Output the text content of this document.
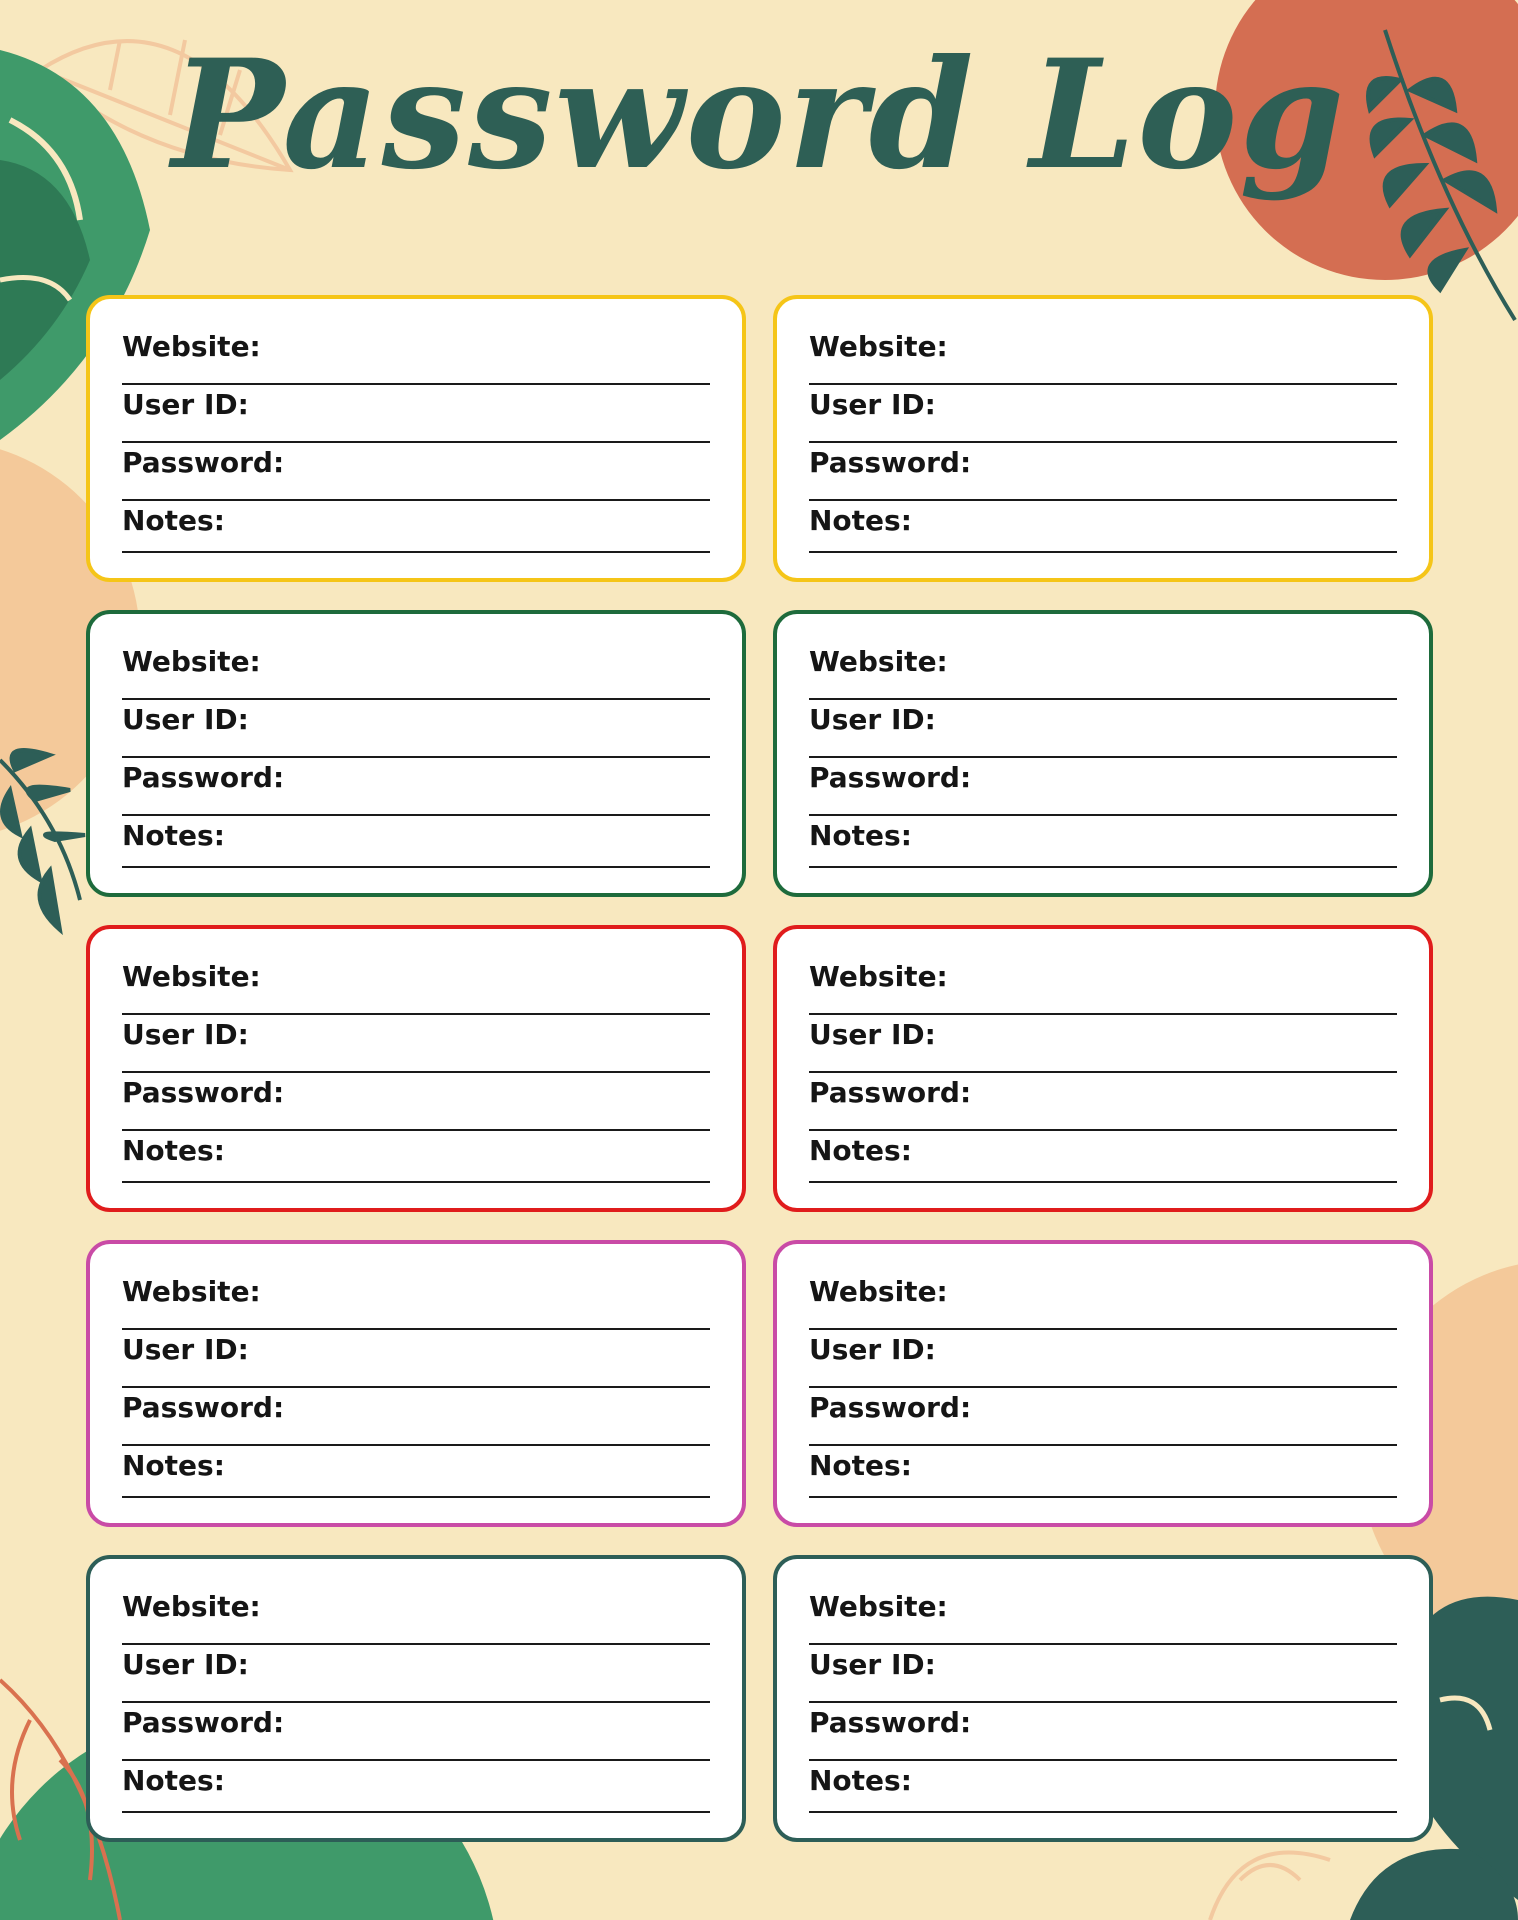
Password Log
Website:
User ID:
Password:
Notes:
Website:
User ID:
Password:
Notes:
Website:
User ID:
Password:
Notes:
Website:
User ID:
Password:
Notes:
Website:
User ID:
Password:
Notes:
Website:
User ID:
Password:
Notes:
Website:
User ID:
Password:
Notes:
Website:
User ID:
Password:
Notes:
Website:
User ID:
Password:
Notes:
Website:
User ID:
Password:
Notes:
